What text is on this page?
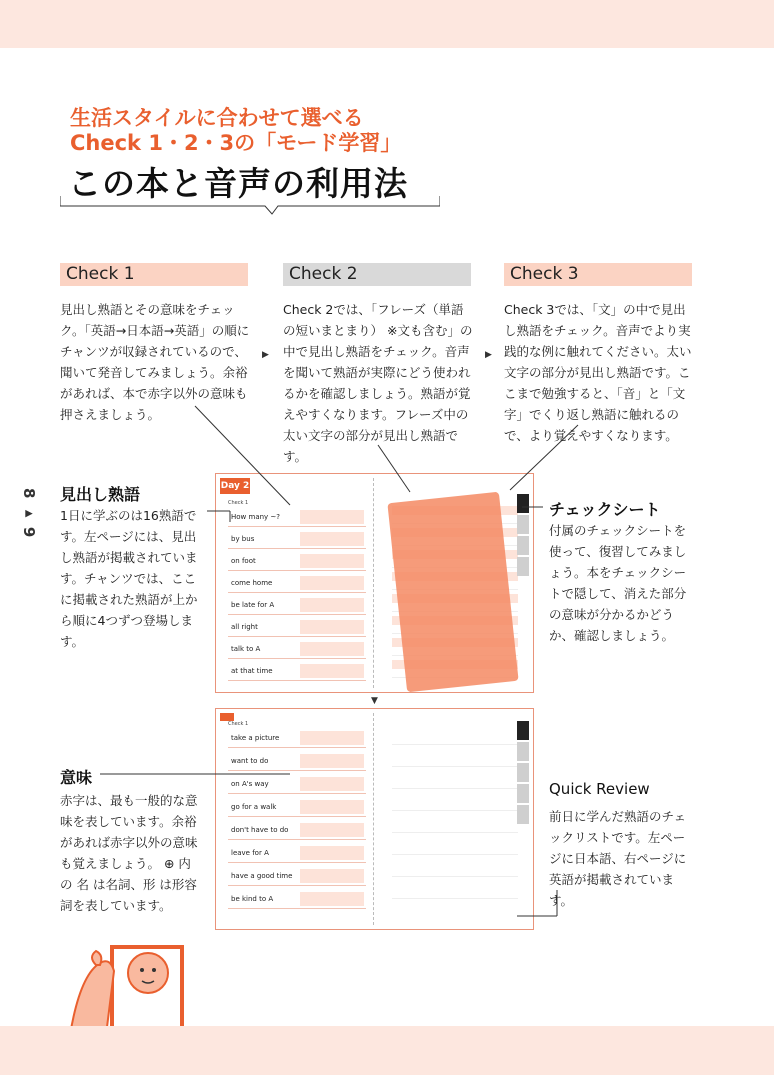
生活スタイルに合わせて選べる
Check 1・2・3の「モード学習」
この本と音声の利用法
Check 1	Check 2	Check 3
見出し熟語とその意味をチェック。「英語→日本語→英語」の順にチャンツが収録されているので、聞いて発音してみましょう。余裕があれば、本で赤字以外の意味も押さえましょう。
Check 2では、「フレーズ（単語の短いまとまり） ※文も含む」の中で見出し熟語をチェック。音声を聞いて熟語が実際にどう使われるかを確認しましょう。熟語が覚えやすくなります。フレーズ中の太い文字の部分が見出し熟語です。
Check 3では、「文」の中で見出し熟語をチェック。音声でより実践的な例に触れてください。太い文字の部分が見出し熟語です。ここまで勉強すると、「音」と「文字」でくり返し熟語に触れるので、より覚えやすくなります。
▶	▶
8 ▸ 9 見出し熟語
1日に学ぶのは16熟語です。左ページには、見出し熟語が掲載されています。チャンツでは、ここに掲載された熟語が上から順に4つずつ登場します。
意味
赤字は、最も一般的な意味を表しています。余裕があれば赤字以外の意味も覚えましょう。 ⊕ 内の 名 は名詞、形 は形容詞を表しています。
チェックシート
付属のチェックシートを使って、復習してみましょう。本をチェックシートで隠して、消えた部分の意味が分かるかどうか、確認しましょう。
Quick Review
前日に学んだ熟語のチェックリストです。左ページに日本語、右ページに英語が掲載されています。
Day 2
Check 1
How many ~?
by bus
on foot
come home
be late for A
all right
talk to A
at that time
▼
Check 1
take a picture
want to do
on A's way
go for a walk
don't have to do
leave for A
have a good time
be kind to A
